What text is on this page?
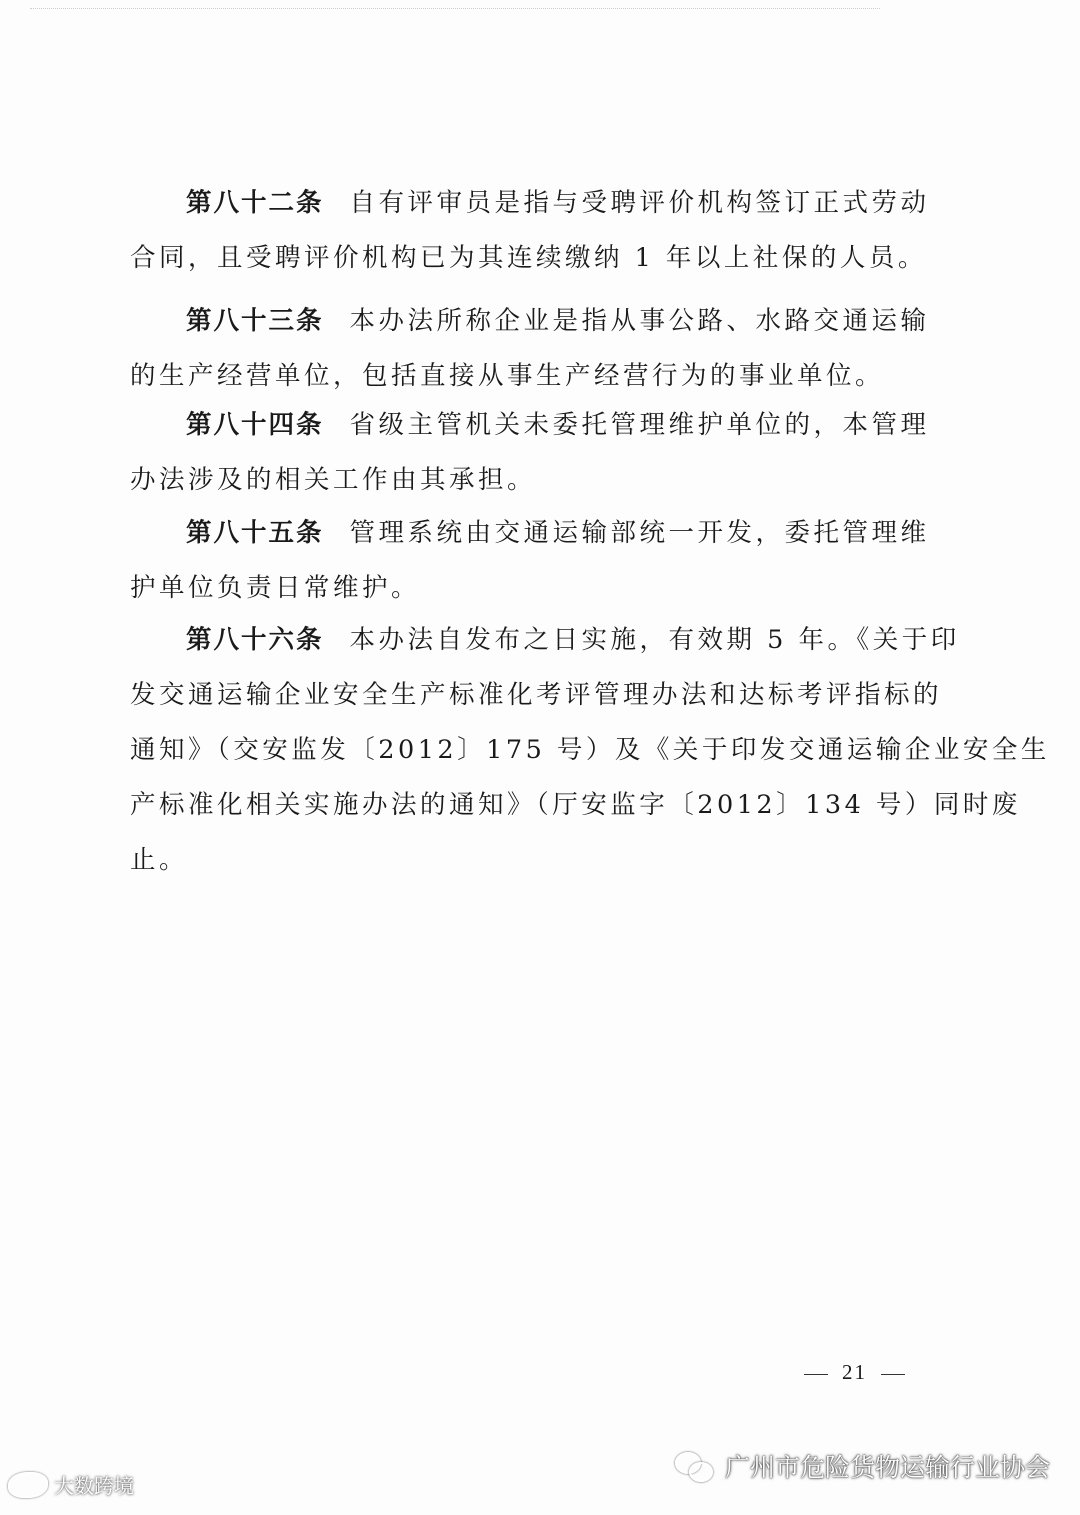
第八十二条 自有评审员是指与受聘评价机构签订正式劳动
合同，且受聘评价机构已为其连续缴纳 1 年以上社保的人员。
第八十三条 本办法所称企业是指从事公路、水路交通运输
的生产经营单位，包括直接从事生产经营行为的事业单位。
第八十四条 省级主管机关未委托管理维护单位的，本管理
办法涉及的相关工作由其承担。
第八十五条 管理系统由交通运输部统一开发，委托管理维
护单位负责日常维护。
第八十六条 本办法自发布之日实施，有效期 5 年。《关于印
发交通运输企业安全生产标准化考评管理办法和达标考评指标的
通知》（交安监发〔2012〕175 号）及《关于印发交通运输企业安全生
产标准化相关实施办法的通知》（厅安监字〔2012〕134 号）同时废
止。
21
大数跨境
广州市危险货物运输行业协会
